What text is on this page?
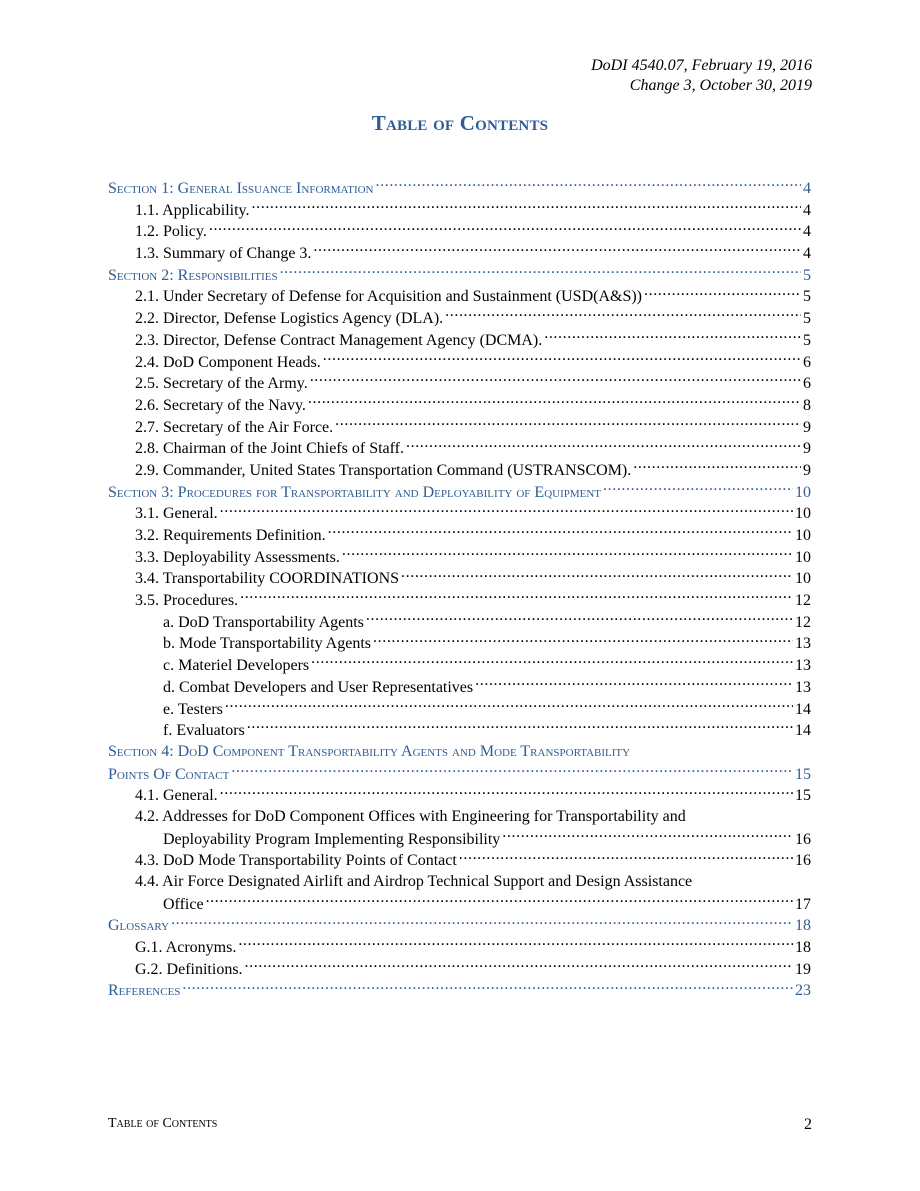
DoDI 4540.07, February 19, 2016
Change 3, October 30, 2019
Table of Contents
Section 1: General Issuance Information .....	4
1.1. Applicability. .....	4
1.2. Policy. .....	4
1.3. Summary of Change 3. .....	4
Section 2: Responsibilities .....	5
2.1. Under Secretary of Defense for Acquisition and Sustainment (USD(A&S)) .....	5
2.2. Director, Defense Logistics Agency (DLA). .....	5
2.3. Director, Defense Contract Management Agency (DCMA). .....	5
2.4. DoD Component Heads. .....	6
2.5. Secretary of the Army. .....	6
2.6. Secretary of the Navy. .....	8
2.7. Secretary of the Air Force. .....	9
2.8. Chairman of the Joint Chiefs of Staff. .....	9
2.9. Commander, United States Transportation Command (USTRANSCOM). .....	9
Section 3: Procedures for Transportability and Deployability of Equipment .....	10
3.1. General. .....	10
3.2. Requirements Definition. .....	10
3.3. Deployability Assessments. .....	10
3.4. Transportability COORDINATIONS .....	10
3.5. Procedures. .....	12
a. DoD Transportability Agents .....	12
b. Mode Transportability Agents .....	13
c. Materiel Developers .....	13
d. Combat Developers and User Representatives .....	13
e. Testers .....	14
f. Evaluators .....	14
Section 4: DoD Component Transportability Agents and Mode Transportability
Points Of Contact .....	15
4.1. General. .....	15
4.2. Addresses for DoD Component Offices with Engineering for Transportability and
Deployability Program Implementing Responsibility .....	16
4.3. DoD Mode Transportability Points of Contact .....	16
4.4. Air Force Designated Airlift and Airdrop Technical Support and Design Assistance
Office .....	17
Glossary .....	18
G.1. Acronyms. .....	18
G.2. Definitions. .....	19
References .....	23
Table of Contents	2
